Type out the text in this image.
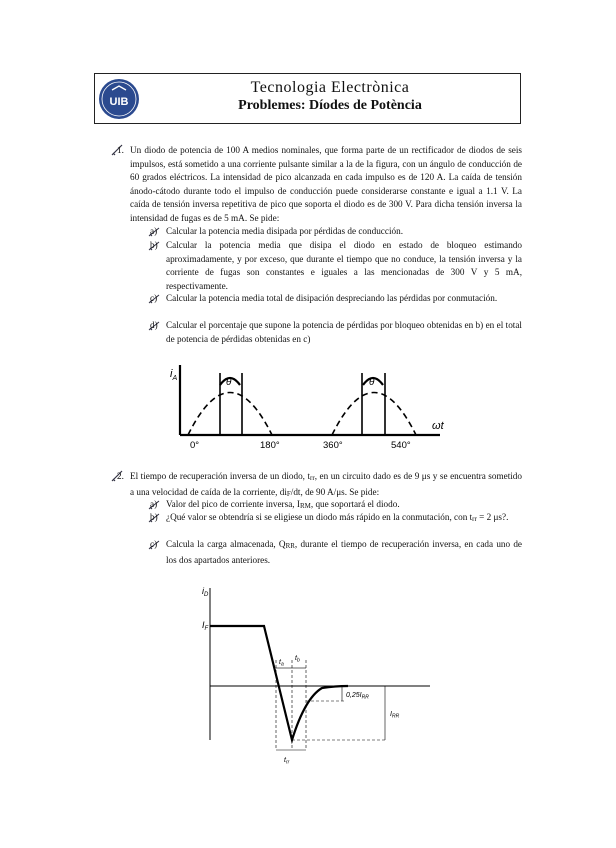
UIB
Tecnologia Electrònica
Problemes: Díodes de Potència
1. Un diodo de potencia de 100 A medios nominales, que forma parte de un rectificador de diodos de seis impulsos, está sometido a una corriente pulsante similar a la de la figura, con un ángulo de conducción de 60 grados eléctricos. La intensidad de pico alcanzada en cada impulso es de 120 A. La caída de tensión ánodo-cátodo durante todo el impulso de conducción puede considerarse constante e igual a 1.1 V. La caída de tensión inversa repetitiva de pico que soporta el diodo es de 300 V. Para dicha tensión inversa la intensidad de fugas es de 5 mA. Se pide:
a) Calcular la potencia media disipada por pérdidas de conducción.
b) Calcular la potencia media que disipa el diodo en estado de bloqueo estimando aproximadamente, y por exceso, que durante el tiempo que no conduce, la tensión inversa y la corriente de fugas son constantes e iguales a las mencionadas de 300 V y 5 mA, respectivamente.
c) Calcular la potencia media total de disipación despreciando las pérdidas por conmutación.
d) Calcular el porcentaje que supone la potencia de pérdidas por bloqueo obtenidas en b) en el total de potencia de pérdidas obtenidas en c)
$i_A$
ωt
θ	θ
0°	180°	360°	540°
2. El tiempo de recuperación inversa de un diodo, $t_{rr}$, en un circuito dado es de 9 μs y se encuentra sometido a una velocidad de caída de la corriente, $di_F/dt$, de 90 A/μs. Se pide:
a) Valor del pico de corriente inversa, $I_{RM}$, que soportará el diodo.
b) ¿Qué valor se obtendría si se eligiese un diodo más rápido en la conmutación, con $t_{rr} = 2$ μs?.
c) Calcula la carga almacenada, $Q_{RR}$, durante el tiempo de recuperación inversa, en cada uno de los dos apartados anteriores.
$i_D$
$I_F$
$t_a$
$t_b$
$t_{rr}$
$0,25I_{RR}$
$I_{RR}$
